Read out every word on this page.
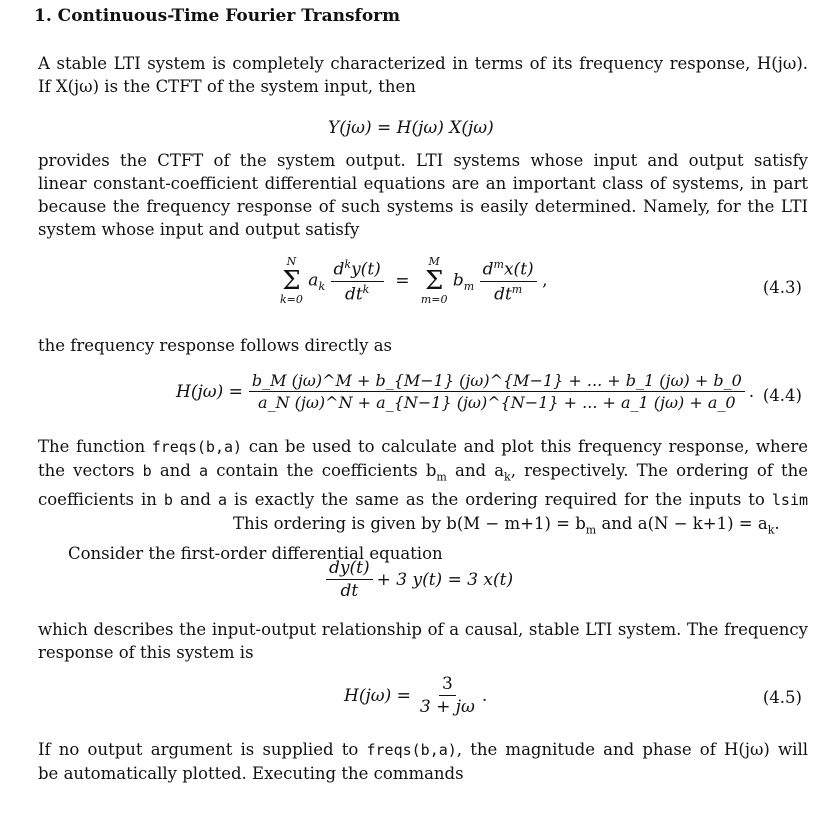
1. Continuous-Time Fourier Transform
A stable LTI system is completely characterized in terms of its frequency response, H(jω).
If X(jω) is the CTFT of the system input, then
Y(jω) = H(jω) X(jω)
provides the CTFT of the system output. LTI systems whose input and output satisfy
linear constant-coefficient differential equations are an important class of systems, in part
because the frequency response of such systems is easily determined. Namely, for the LTI
system whose input and output satisfy
N
Σ
k=0
$a_k \frac{d^ky(t)}{dt^k}$ =
M
Σ
m=0
$b_m \frac{d^mx(t)}{dt^m}$ ,	(4.3)
the frequency response follows directly as
$H(j\omega) = \frac{b\_M (j\omega)\^{}M + b\_\{M-1\} (j\omega)\^{}\{M-1\} + ... + b\_1 (j\omega) + b\_0}{a\_N (j\omega)\^{}N + a\_\{N-1\} (j\omega)\^{}\{N-1\} + ... + a\_1 (j\omega) + a\_0}$ . (4.4)
The function freqs(b,a) can be used to calculate and plot this frequency response, where
the vectors b and a contain the coefficients $b_m$ and $a_k$, respectively. The ordering of the
coefficients in b and a is exactly the same as the ordering required for the inputs to lsim
This ordering is given by $b(M - m+1) = b_m$ and $a(N - k+1) = a_k$.
Consider the first-order differential equation
$\frac{dy(t)}{dt} + 3$ y(t) = 3 x(t)
which describes the input-output relationship of a causal, stable LTI system. The frequency
response of this system is
$H(j\omega) = \frac{3}{3 + j\omega}$ .	(4.5)
If no output argument is supplied to freqs(b,a), the magnitude and phase of H(jω) will
be automatically plotted. Executing the commands
